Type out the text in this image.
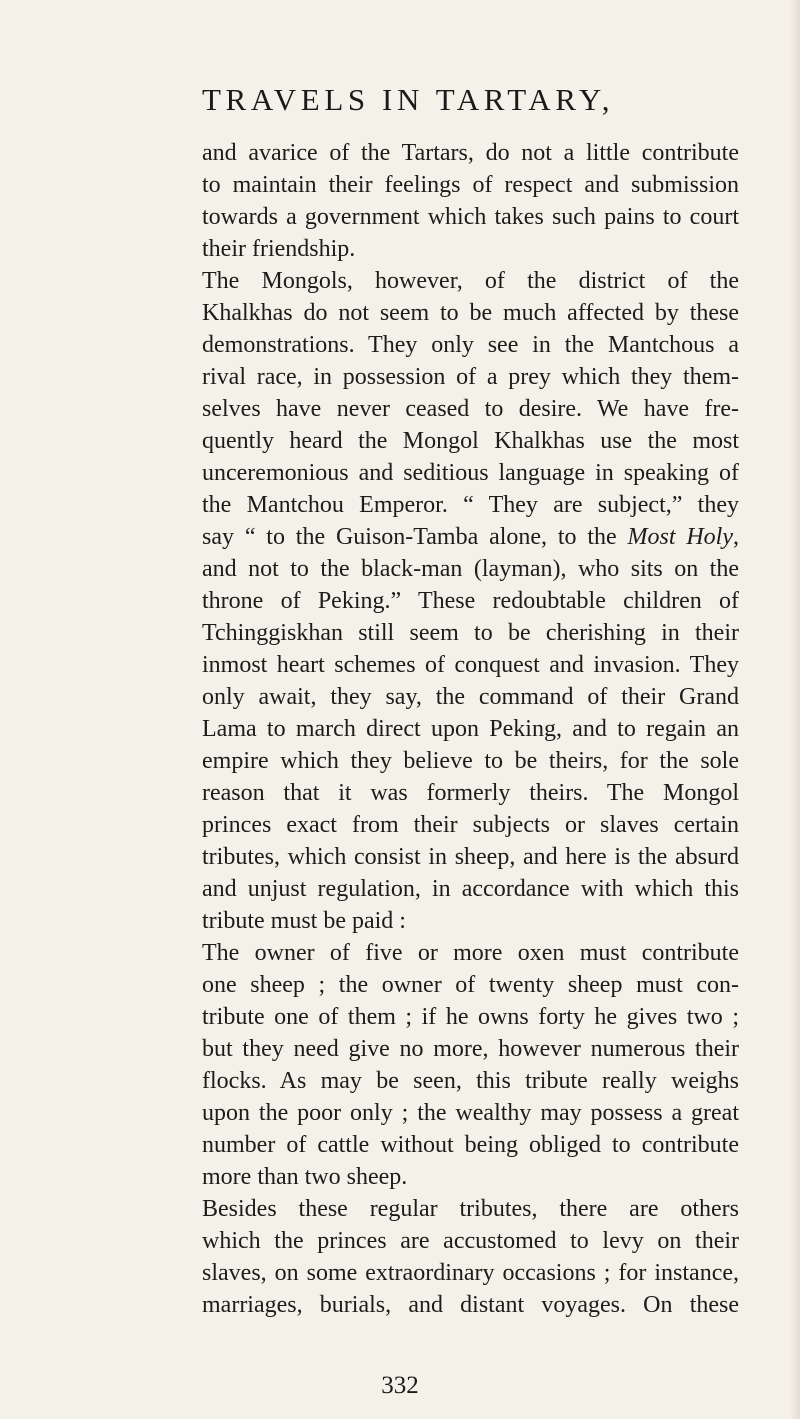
TRAVELS IN TARTARY,

and avarice of the Tartars, do not a little contribute

to maintain their feelings of respect and submission

towards a government which takes such pains to court

their friendship.

The Mongols, however, of the district of the

Khalkhas do not seem to be much affected by these

demonstrations. They only see in the Mantchous a

rival race, in possession of a prey which they them-

selves have never ceased to desire. We have fre-

quently heard the Mongol Khalkhas use the most

unceremonious and seditious language in speaking of

the Mantchou Emperor. “ They are subject,” they

say “ to the Guison-Tamba alone, to the Most Holy,

and not to the black-man (layman), who sits on the

throne of Peking.” These redoubtable children of

Tchinggiskhan still seem to be cherishing in their

inmost heart schemes of conquest and invasion. They

only await, they say, the command of their Grand

Lama to march direct upon Peking, and to regain an

empire which they believe to be theirs, for the sole

reason that it was formerly theirs. The Mongol

princes exact from their subjects or slaves certain

tributes, which consist in sheep, and here is the absurd

and unjust regulation, in accordance with which this

tribute must be paid :

The owner of five or more oxen must contribute

one sheep ; the owner of twenty sheep must con-

tribute one of them ; if he owns forty he gives two ;

but they need give no more, however numerous their

flocks. As may be seen, this tribute really weighs

upon the poor only ; the wealthy may possess a great

number of cattle without being obliged to contribute

more than two sheep.

Besides these regular tributes, there are others

which the princes are accustomed to levy on their

slaves, on some extraordinary occasions ; for instance,

marriages, burials, and distant voyages. On these

332
